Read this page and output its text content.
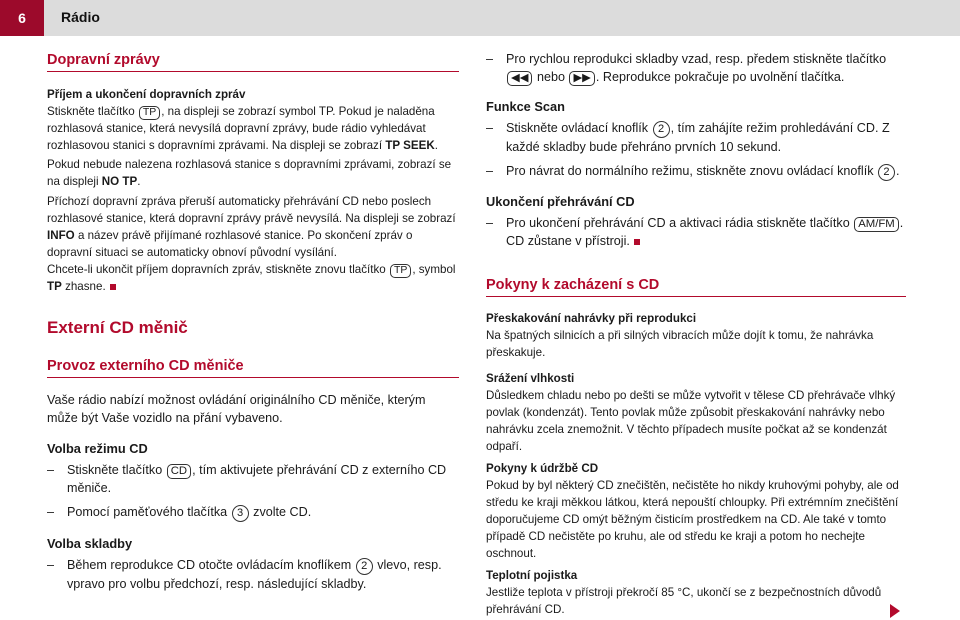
6	Rádio
Dopravní zprávy

Příjem a ukončení dopravních zpráv
Stiskněte tlačítko TP , na displeji se zobrazí symbol TP. Pokud je naladěna rozhlasová stanice, která nevysílá dopravní zprávy, bude rádio vyhledávat rozhlasovou stanici s dopravními zprávami. Na displeji se zobrazí TP SEEK.

Pokud nebude nalezena rozhlasová stanice s dopravními zprávami, zobrazí se na displeji NO TP.

Příchozí dopravní zpráva přeruší automaticky přehrávání CD nebo poslech rozhlasové stanice, která dopravní zprávy právě nevysílá. Na displeji se zobrazí INFO a název právě přijímané rozhlasové stanice. Po skončení zpráv o dopravní situaci se automaticky obnoví původní vysílání.

Chcete-li ukončit příjem dopravních zpráv, stiskněte znovu tlačítko TP , symbol TP zhasne.

Externí CD měnič
Provoz externího CD měniče

Vaše rádio nabízí možnost ovládání originálního CD měniče, kterým může být Vaše vozidlo na přání vybaveno.

Volba režimu CD

– Stiskněte tlačítko CD , tím aktivujete přehrávání CD z externího CD měniče.

– Pomocí paměťového tlačítka 3 zvolte CD.

Volba skladby

– Během reprodukce CD otočte ovládacím knoflíkem 2 vlevo, resp. vpravo pro volbu předchozí, resp. následující skladby.

– Pro rychlou reprodukci skladby vzad, resp. předem stiskněte tlačítko ◀◀ nebo ▶▶ . Reprodukce pokračuje po uvolnění tlačítka.

Funkce Scan

– Stiskněte ovládací knoflík 2 , tím zahájíte režim prohledávání CD. Z každé skladby bude přehráno prvních 10 sekund.

– Pro návrat do normálního režimu, stiskněte znovu ovládací knoflík 2 .

Ukončení přehrávání CD

– Pro ukončení přehrávání CD a aktivaci rádia stiskněte tlačítko AM/FM . CD zůstane v přístroji.

Pokyny k zacházení s CD

Přeskakování nahrávky při reprodukci
Na špatných silnicích a při silných vibracích může dojít k tomu, že nahrávka přeskakuje.

Srážení vlhkosti
Důsledkem chladu nebo po dešti se může vytvořit v tělese CD přehrávače vlhký povlak (kondenzát). Tento povlak může způsobit přeskakování nahrávky nebo nahrávku zcela znemožnit. V těchto případech musíte počkat až se kondenzát odpaří.

Pokyny k údržbě CD
Pokud by byl některý CD znečištěn, nečistěte ho nikdy kruhovými pohyby, ale od středu ke kraji měkkou látkou, která nepouští chloupky. Při extrémním znečištění doporučujeme CD omýt běžným čisticím prostředkem na CD. Ale také v tomto případě CD nečistěte po kruhu, ale od středu ke kraji a potom ho nechejte oschnout.

Teplotní pojistka
Jestliže teplota v přístroji překročí 85 °C, ukončí se z bezpečnostních důvodů přehrávání CD.
